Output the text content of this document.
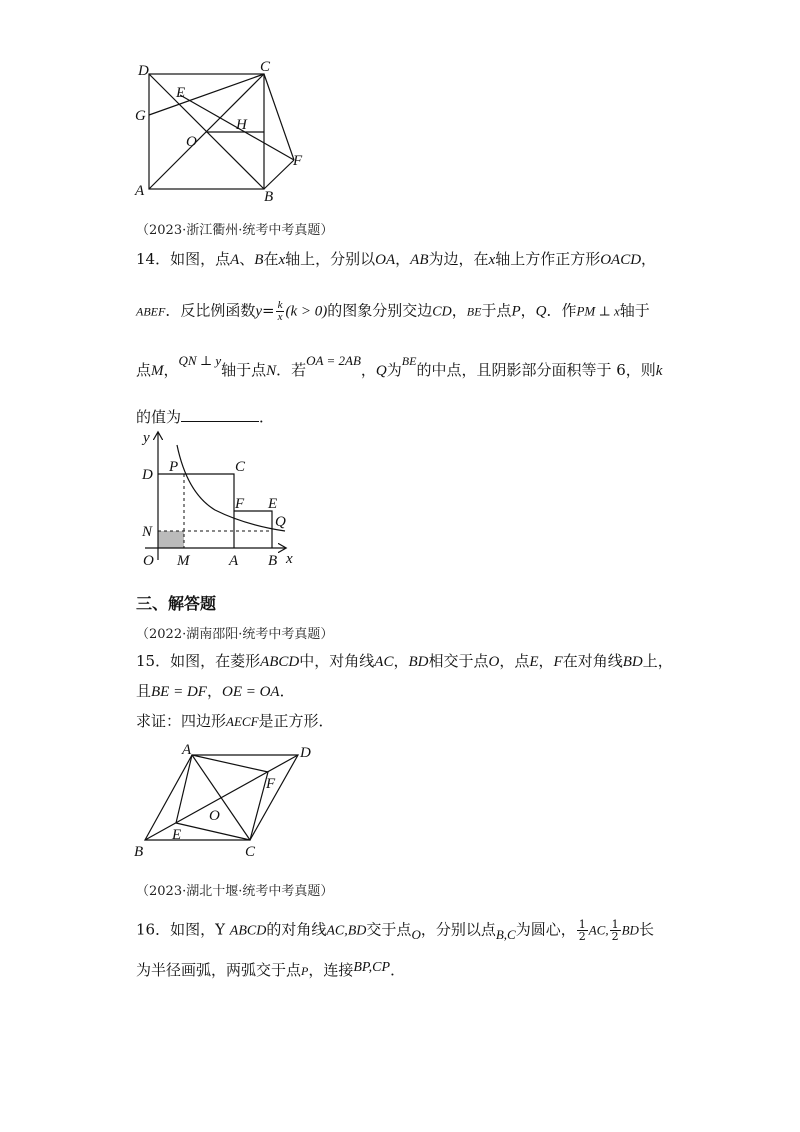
D	C
G
E
H
O
F
A	B
（2023·浙江衢州·统考中考真题）
14．如图，点A、B在x轴上，分别以OA，AB为边，在x轴上方作正方形OACD，
ABEF．反比例函数$y= \frac{k}{x} (k > 0)$的图象分别交边CD，BE于点P，Q．作PM ⊥ x轴于
点M，QN ⊥ y轴于点N．若OA = 2AB，Q为$^{BE}$的中点，且阴影部分面积等于 6，则k
的值为	．
y
D P	C
F E
N
Q
O M	A B x
三、解答题
（2022·湖南邵阳·统考中考真题）
15．如图，在菱形ABCD中，对角线AC，BD相交于点O，点E，F在对角线BD上，
且BE = DF，OE = OA．
求证：四边形AECF是正方形．
A	D
F
O
E
B	C
（2023·湖北十堰·统考中考真题）
16．如图，Y ABCD的对角线AC,BD交于点O，分别以点B,C为圆心， $\frac{1}{2}$ AC, $\frac{1}{2}$ BD长
为半径画弧，两弧交于点P，连接BP,CP．
